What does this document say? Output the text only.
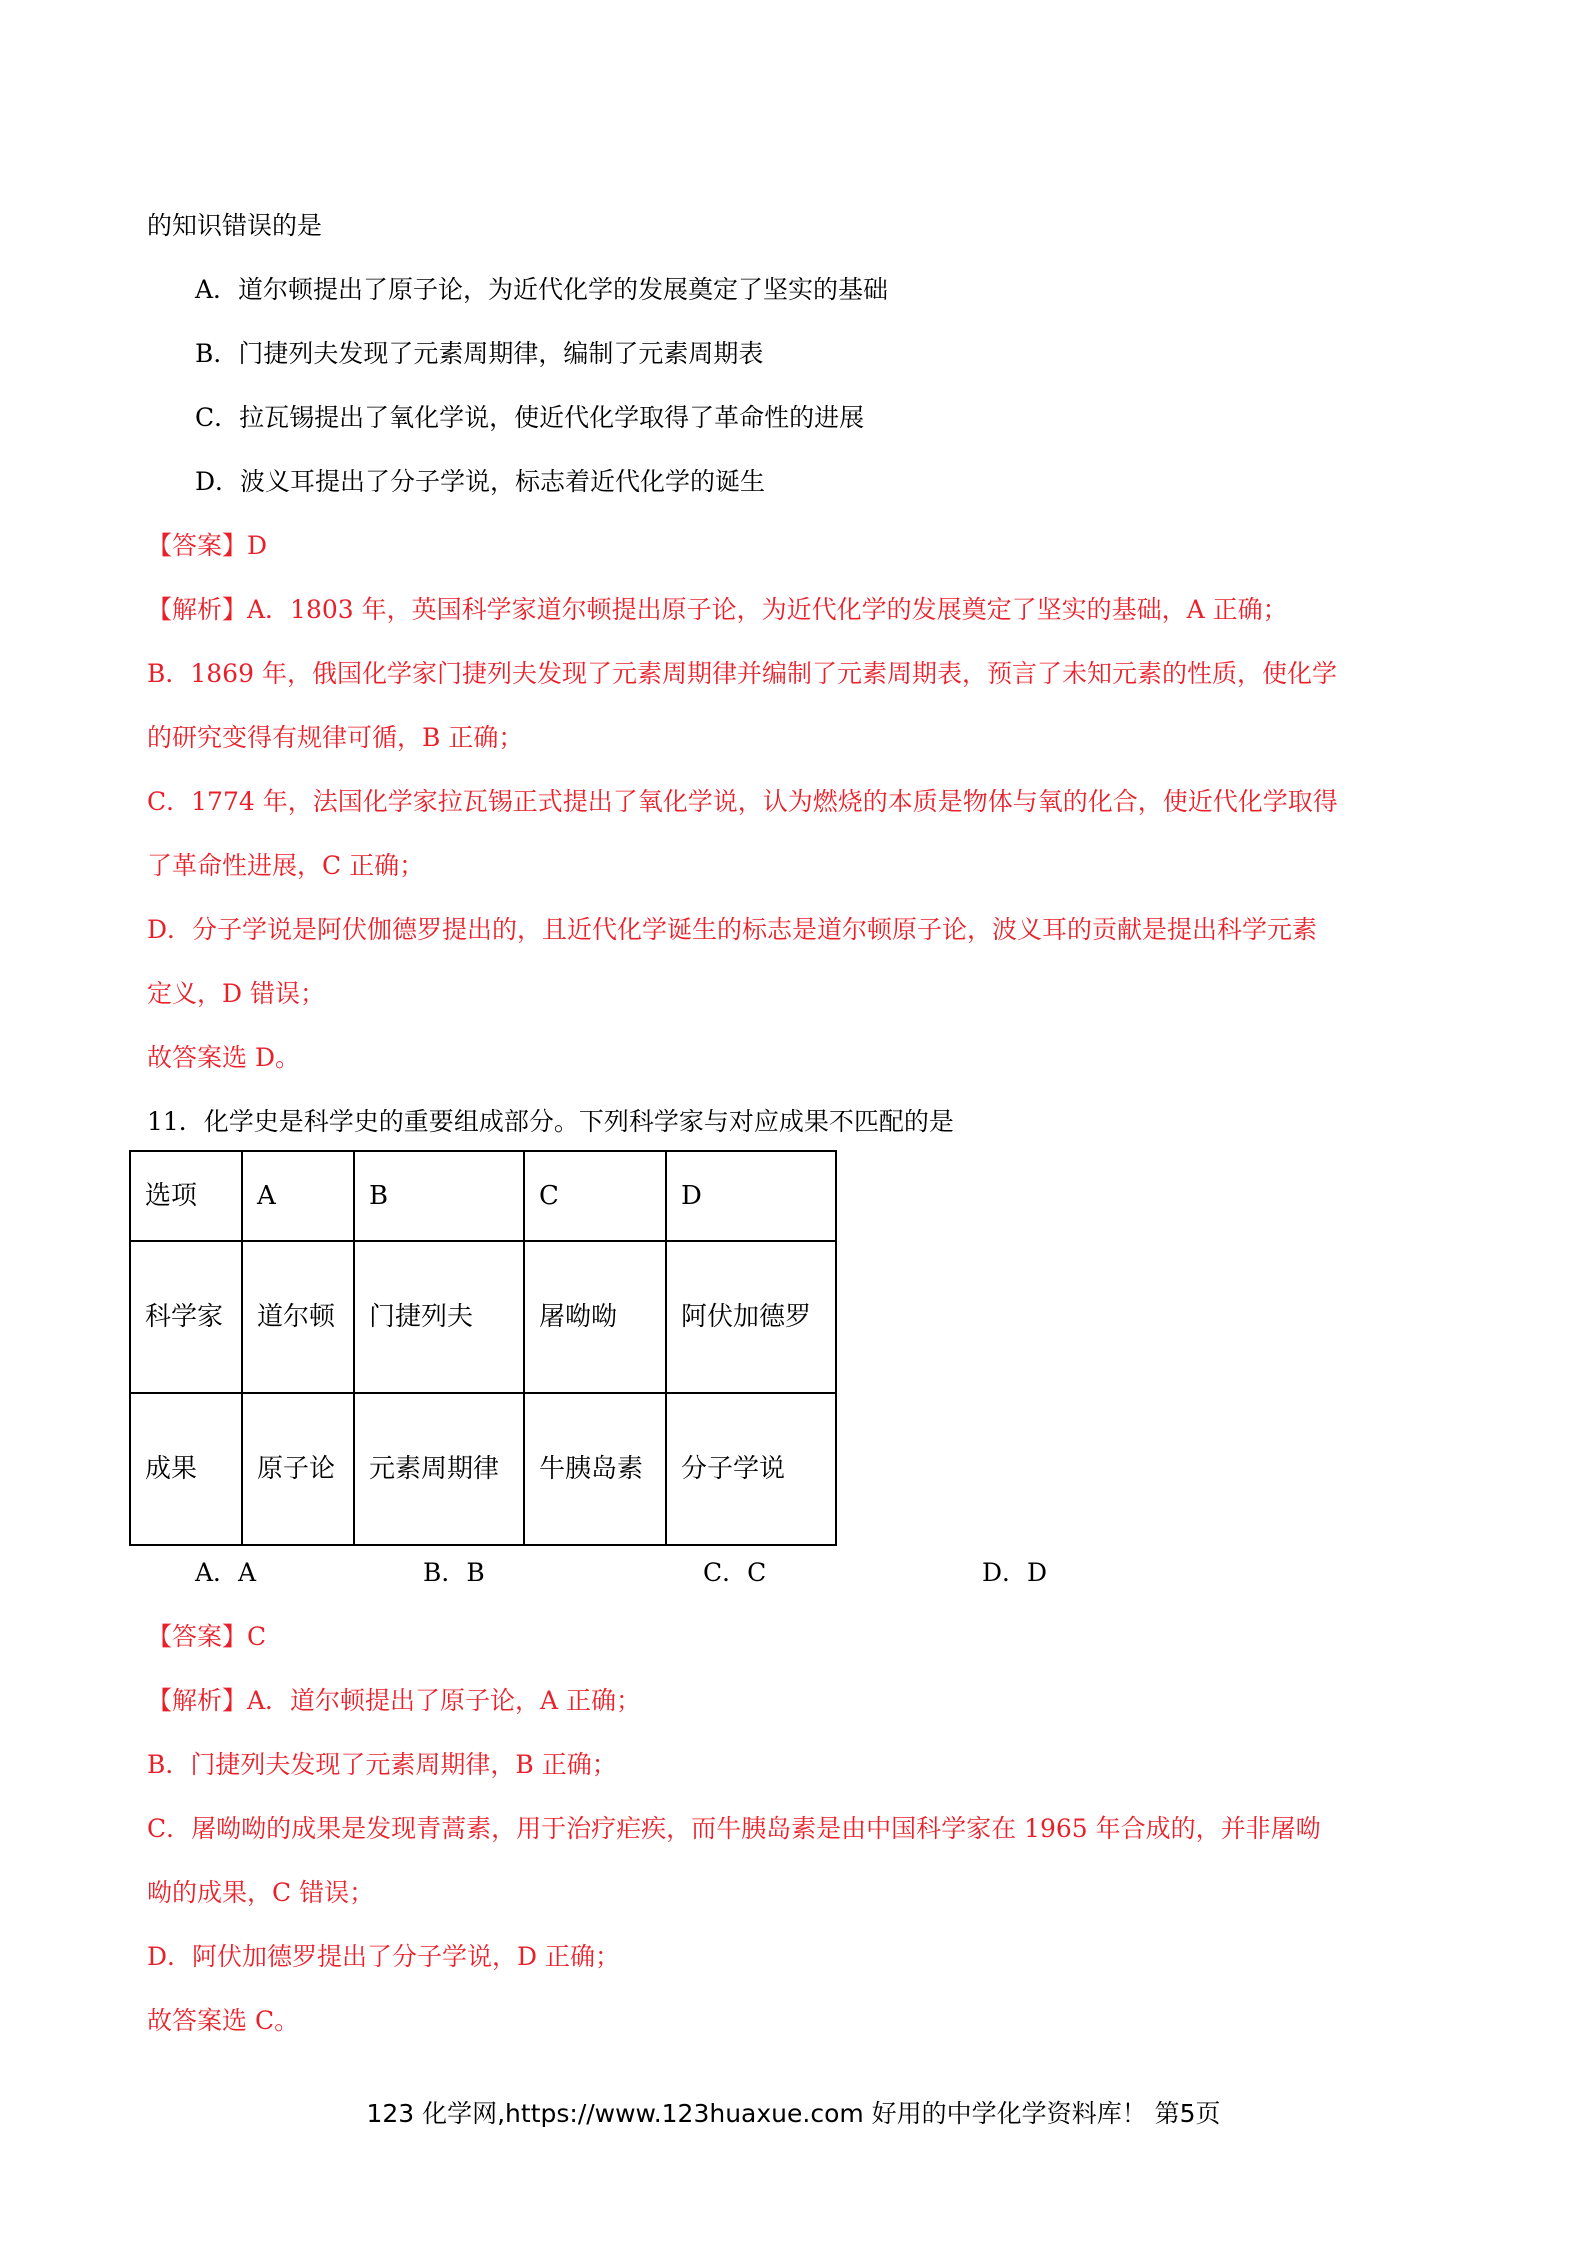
的知识错误的是
A．道尔顿提出了原子论，为近代化学的发展奠定了坚实的基础
B．门捷列夫发现了元素周期律，编制了元素周期表
C．拉瓦锡提出了氧化学说，使近代化学取得了革命性的进展
D．波义耳提出了分子学说，标志着近代化学的诞生
【答案】D
【解析】A．1803 年，英国科学家道尔顿提出原子论，为近代化学的发展奠定了坚实的基础，A 正确；
B．1869 年，俄国化学家门捷列夫发现了元素周期律并编制了元素周期表，预言了未知元素的性质，使化学
的研究变得有规律可循，B 正确；
C．1774 年，法国化学家拉瓦锡正式提出了氧化学说，认为燃烧的本质是物体与氧的化合，使近代化学取得
了革命性进展，C 正确；
D．分子学说是阿伏伽德罗提出的，且近代化学诞生的标志是道尔顿原子论，波义耳的贡献是提出科学元素
定义，D 错误；
故答案选 D。
11．化学史是科学史的重要组成部分。下列科学家与对应成果不匹配的是
选项	A	B	C	D
科学家	道尔顿	门捷列夫	屠呦呦	阿伏加德罗
成果	原子论	元素周期律	牛胰岛素	分子学说
A．A	B．B	C．C	D．D
【答案】C
【解析】A．道尔顿提出了原子论，A 正确；
B．门捷列夫发现了元素周期律，B 正确；
C．屠呦呦的成果是发现青蒿素，用于治疗疟疾，而牛胰岛素是由中国科学家在 1965 年合成的，并非屠呦
呦的成果，C 错误；
D．阿伏加德罗提出了分子学说，D 正确；
故答案选 C。
123 化学网,https://www.123huaxue.com 好用的中学化学资料库！ 第5页
